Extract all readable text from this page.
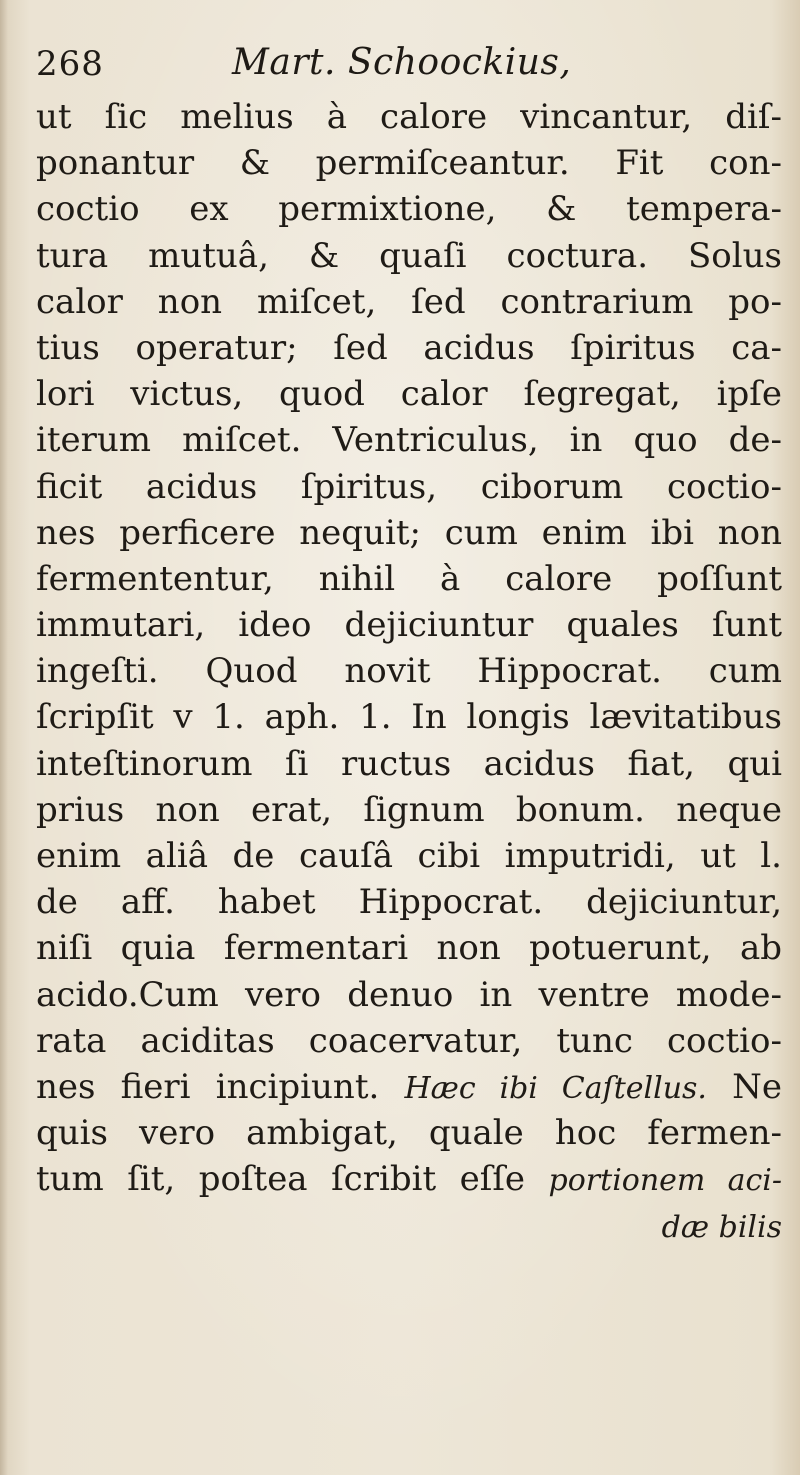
268	Mart. Schoockius,
ut ſic melius à calore vincantur, diſ-
ponantur & permiſceantur. Fit con-
coctio ex permixtione, & tempera-
tura mutuâ, & quaſi coctura. Solus
calor non miſcet, ſed contrarium po-
tius operatur; ſed acidus ſpiritus ca-
lori victus, quod calor ſegregat, ipſe
iterum miſcet. Ventriculus, in quo de-
ficit acidus ſpiritus, ciborum coctio-
nes perficere nequit; cum enim ibi non
fermententur, nihil à calore poſſunt
immutari, ideo dejiciuntur quales ſunt
ingeſti. Quod novit Hippocrat. cum
ſcripſit v 1. aph. 1. In longis lævitatibus
inteſtinorum ſi ructus acidus fiat, qui
prius non erat, ſignum bonum. neque
enim aliâ de cauſâ cibi imputridi, ut l.
de aff. habet Hippocrat. dejiciuntur,
niſi quia fermentari non potuerunt, ab
acido.Cum vero denuo in ventre mode-
rata aciditas coacervatur, tunc coctio-
nes fieri incipiunt. Hæc ibi Caſtellus. Ne
quis vero ambigat, quale hoc fermen-
tum ſit, poſtea ſcribit eſſe portionem aci-
dæ bilis
